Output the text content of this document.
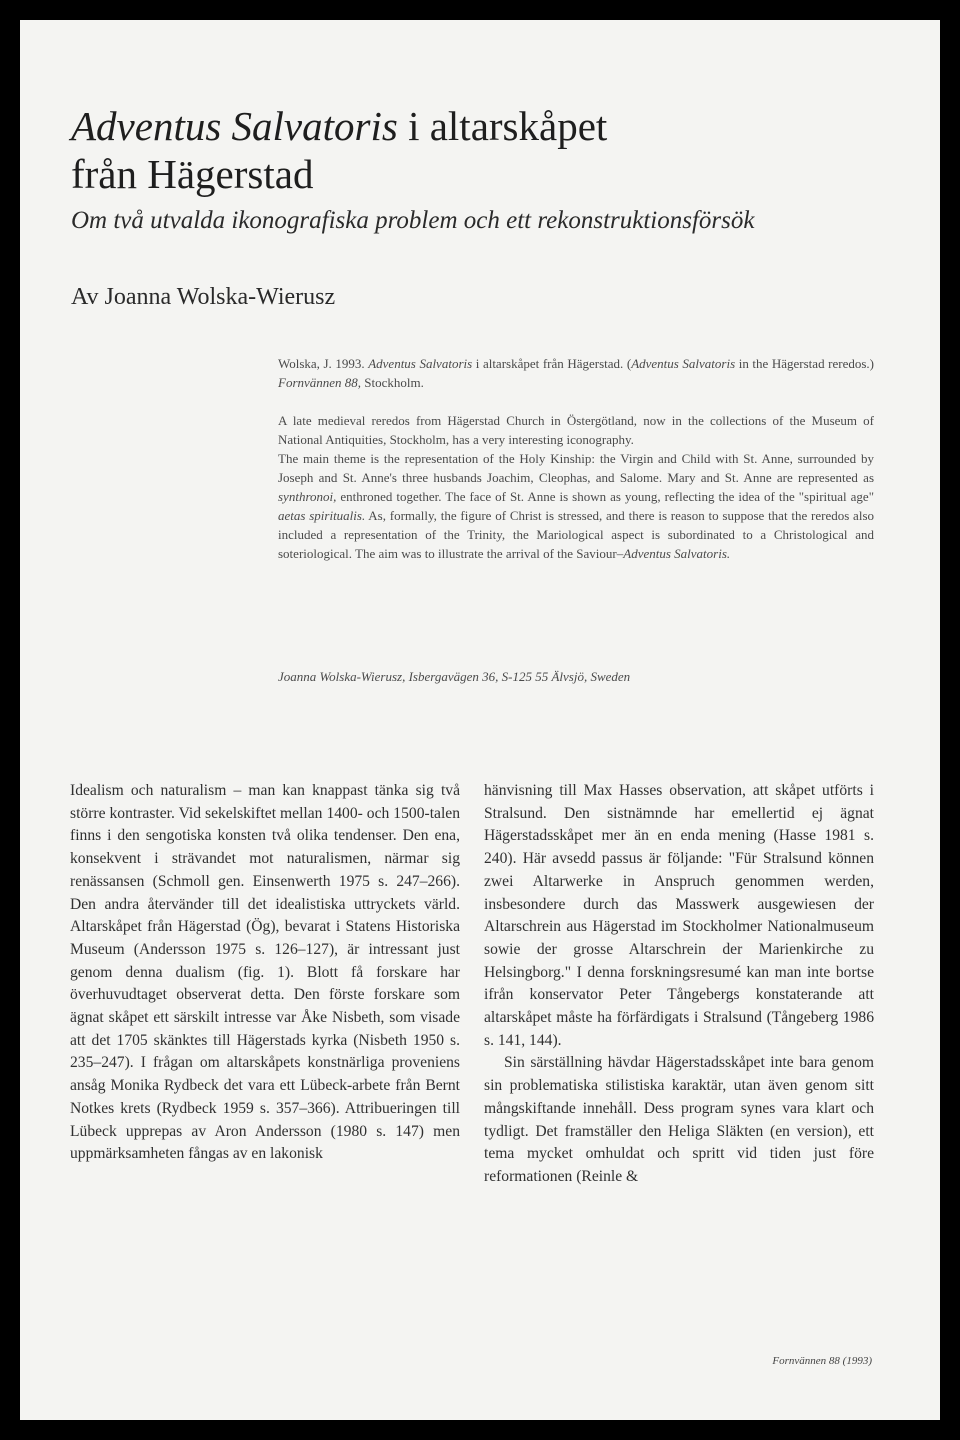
Adventus Salvatoris i altarskåpet
från Hägerstad

Om två utvalda ikonografiska problem och ett rekonstruktionsförsök

Av Joanna Wolska-Wierusz

Wolska, J. 1993. Adventus Salvatoris i altarskåpet från Hägerstad. (Adventus Salvatoris in the Hägerstad reredos.) Fornvännen 88, Stockholm.

A late medieval reredos from Hägerstad Church in Östergötland, now in the collections of the Museum of National Antiquities, Stockholm, has a very interesting iconography.

The main theme is the representation of the Holy Kinship: the Virgin and Child with St. Anne, surrounded by Joseph and St. Anne's three husbands Joachim, Cleophas, and Salome. Mary and St. Anne are represented as synthronoi, enthroned together. The face of St. Anne is shown as young, reflecting the idea of the "spiritual age" aetas spiritualis. As, formally, the figure of Christ is stressed, and there is reason to suppose that the reredos also included a representation of the Trinity, the Mariological aspect is subordinated to a Christological and soteriological. The aim was to illustrate the arrival of the Saviour–Adventus Salvatoris.

Joanna Wolska-Wierusz, Isbergavägen 36, S-125 55 Älvsjö, Sweden

Idealism och naturalism – man kan knappast tänka sig två större kontraster. Vid sekelskiftet mellan 1400- och 1500-talen finns i den sengotiska konsten två olika tendenser. Den ena, konsekvent i strävandet mot naturalismen, närmar sig renässansen (Schmoll gen. Einsenwerth 1975 s. 247–266). Den andra återvänder till det idealistiska uttryckets värld. Altarskåpet från Hägerstad (Ög), bevarat i Statens Historiska Museum (Andersson 1975 s. 126–127), är intressant just genom denna dualism (fig. 1). Blott få forskare har överhuvudtaget observerat detta. Den förste forskare som ägnat skåpet ett särskilt intresse var Åke Nisbeth, som visade att det 1705 skänktes till Hägerstads kyrka (Nisbeth 1950 s. 235–247). I frågan om altarskåpets konstnärliga proveniens ansåg Monika Rydbeck det vara ett Lübeck-arbete från Bernt Notkes krets (Rydbeck 1959 s. 357–366). Attribueringen till Lübeck upprepas av Aron Andersson (1980 s. 147) men uppmärksamheten fångas av en lakonisk

hänvisning till Max Hasses observation, att skåpet utförts i Stralsund. Den sistnämnde har emellertid ej ägnat Hägerstadsskåpet mer än en enda mening (Hasse 1981 s. 240). Här avsedd passus är följande: "Für Stralsund können zwei Altarwerke in Anspruch genommen werden, insbesondere durch das Masswerk ausgewiesen der Altarschrein aus Hägerstad im Stockholmer Nationalmuseum sowie der grosse Altarschrein der Marienkirche zu Helsingborg." I denna forskningsresumé kan man inte bortse ifrån konservator Peter Tångebergs konstaterande att altarskåpet måste ha förfärdigats i Stralsund (Tångeberg 1986 s. 141, 144).

Sin särställning hävdar Hägerstadsskåpet inte bara genom sin problematiska stilistiska karaktär, utan även genom sitt mångskiftande innehåll. Dess program synes vara klart och tydligt. Det framställer den Heliga Släkten (en version), ett tema mycket omhuldat och spritt vid tiden just före reformationen (Reinle &

Fornvännen 88 (1993)
